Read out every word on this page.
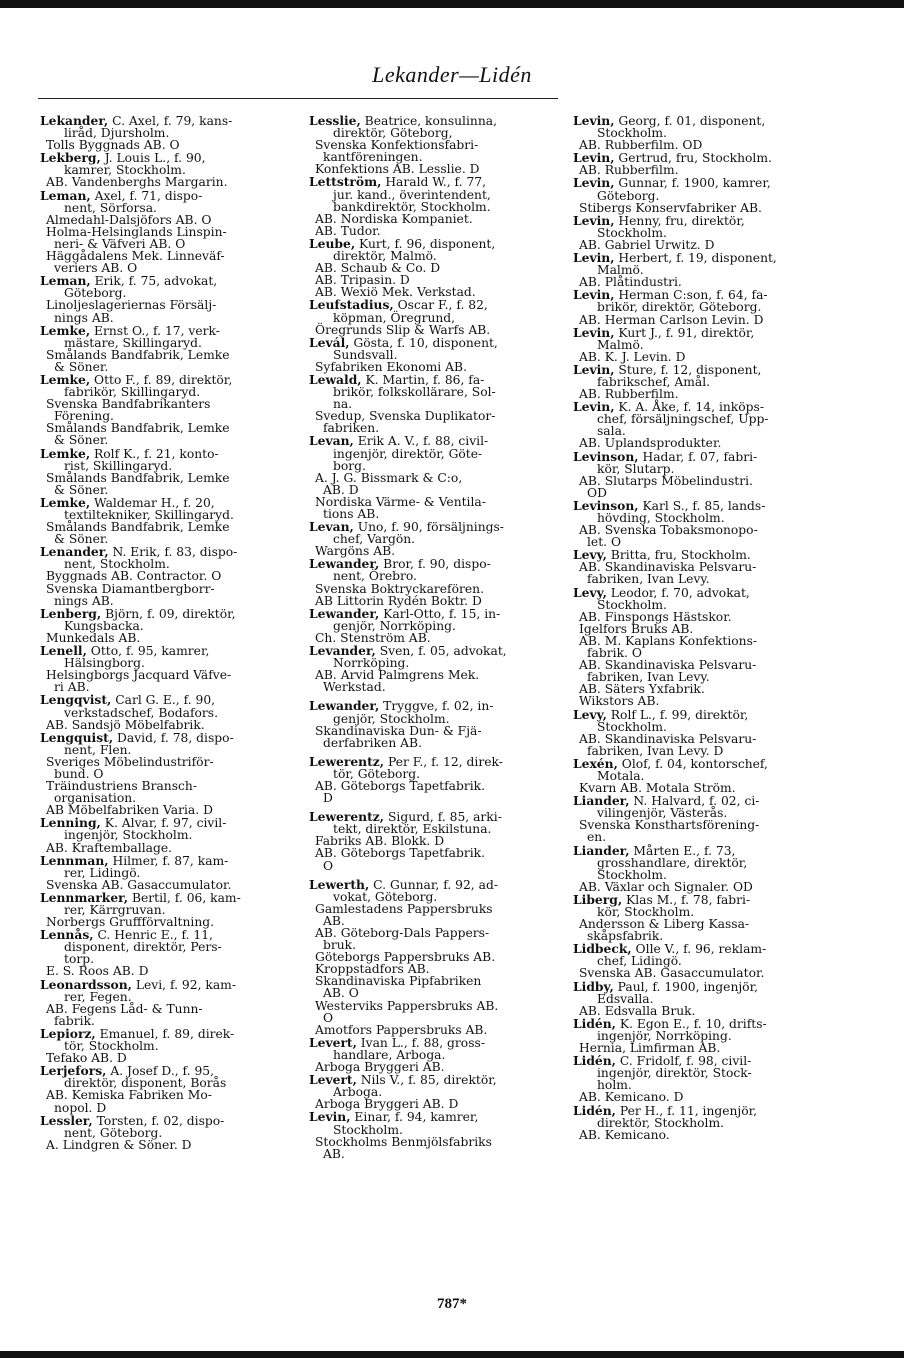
Lekander—Lidén
Lekander, C. Axel, f. 79, kans-
liråd, Djursholm.
Tolls Byggnads AB. O
Lekberg, J. Louis L., f. 90,
kamrer, Stockholm.
AB. Vandenberghs Margarin.
Leman, Axel, f. 71, dispo-
nent, Sörforsa.
Almedahl-Dalsjöfors AB. O
Holma-Helsinglands Linspin-
neri- & Väfveri AB. O
Häggådalens Mek. Linneväf-
veriers AB. O
Leman, Erik, f. 75, advokat,
Göteborg.
Linoljeslageriernas Försälj-
nings AB.
Lemke, Ernst O., f. 17, verk-
mästare, Skillingaryd.
Smålands Bandfabrik, Lemke
& Söner.
Lemke, Otto F., f. 89, direktör,
fabrikör, Skillingaryd.
Svenska Bandfabrikanters
Förening.
Smålands Bandfabrik, Lemke
& Söner.
Lemke, Rolf K., f. 21, konto-
rist, Skillingaryd.
Smålands Bandfabrik, Lemke
& Söner.
Lemke, Waldemar H., f. 20,
textiltekniker, Skillingaryd.
Smålands Bandfabrik, Lemke
& Söner.
Lenander, N. Erik, f. 83, dispo-
nent, Stockholm.
Byggnads AB. Contractor. O
Svenska Diamantbergborr-
nings AB.
Lenberg, Björn, f. 09, direktör,
Kungsbacka.
Munkedals AB.
Lenell, Otto, f. 95, kamrer,
Hälsingborg.
Helsingborgs Jacquard Väfve-
ri AB.
Lengqvist, Carl G. E., f. 90,
verkstadschef, Bodafors.
AB. Sandsjö Möbelfabrik.
Lengquist, David, f. 78, dispo-
nent, Flen.
Sveriges Möbelindustriför-
bund. O
Träindustriens Bransch-
organisation.
AB Möbelfabriken Varia. D
Lenning, K. Alvar, f. 97, civil-
ingenjör, Stockholm.
AB. Kraftemballage.
Lennman, Hilmer, f. 87, kam-
rer, Lidingö.
Svenska AB. Gasaccumulator.
Lennmarker, Bertil, f. 06, kam-
rer, Kärrgruvan.
Norbergs Gruffförvaltning.
Lennås, C. Henric E., f. 11,
disponent, direktör, Pers-
torp.
E. S. Roos AB. D
Leonardsson, Levi, f. 92, kam-
rer, Fegen.
AB. Fegens Låd- & Tunn-
fabrik.
Lepiorz, Emanuel, f. 89, direk-
tör, Stockholm.
Tefako AB. D
Lerjefors, A. Josef D., f. 95,
direktör, disponent, Borås
AB. Kemiska Fabriken Mo-
nopol. D
Lessler, Torsten, f. 02, dispo-
nent, Göteborg.
A. Lindgren & Söner. D
Lesslie, Beatrice, konsulinna,
direktör, Göteborg,
Svenska Konfektionsfabri-
kantföreningen.
Konfektions AB. Lesslie. D
Lettström, Harald W., f. 77,
jur. kand., överintendent,
bankdirektör, Stockholm.
AB. Nordiska Kompaniet.
AB. Tudor.
Leube, Kurt, f. 96, disponent,
direktör, Malmö.
AB. Schaub & Co. D
AB. Tripasin. D
AB. Wexiö Mek. Verkstad.
Leufstadius, Oscar F., f. 82,
köpman, Öregrund,
Öregrunds Slip & Warfs AB.
Levál, Gösta, f. 10, disponent,
Sundsvall.
Syfabriken Ekonomi AB.
Lewald, K. Martin, f. 86, fa-
brikör, folkskollärare, Sol-
na.
Svedup, Svenska Duplikator-
fabriken.
Levan, Erik A. V., f. 88, civil-
ingenjör, direktör, Göte-
borg.
A. J. G. Bissmark & C:o,
AB. D
Nordiska Värme- & Ventila-
tions AB.
Levan, Uno, f. 90, försäljnings-
chef, Vargön.
Wargöns AB.
Lewander, Bror, f. 90, dispo-
nent, Örebro.
Svenska Boktryckarefören.
AB Littorin Rydén Boktr. D
Lewander, Karl-Otto, f. 15, in-
genjör, Norrköping.
Ch. Stenström AB.
Levander, Sven, f. 05, advokat,
Norrköping.
AB. Arvid Palmgrens Mek.
Werkstad.
Lewander, Tryggve, f. 02, in-
genjör, Stockholm.
Skandinaviska Dun- & Fjä-
derfabriken AB.
Lewerentz, Per F., f. 12, direk-
tör, Göteborg.
AB. Göteborgs Tapetfabrik.
D
Lewerentz, Sigurd, f. 85, arki-
tekt, direktör, Eskilstuna.
Fabriks AB. Blokk. D
AB. Göteborgs Tapetfabrik.
O
Lewerth, C. Gunnar, f. 92, ad-
vokat, Göteborg.
Gamlestadens Pappersbruks
AB.
AB. Göteborg-Dals Pappers-
bruk.
Göteborgs Pappersbruks AB.
Kroppstadfors AB.
Skandinaviska Pipfabriken
AB. O
Westerviks Pappersbruks AB.
O
Amotfors Pappersbruks AB.
Levert, Ivan L., f. 88, gross-
handlare, Arboga.
Arboga Bryggeri AB.
Levert, Nils V., f. 85, direktör,
Arboga.
Arboga Bryggeri AB. D
Levin, Einar, f. 94, kamrer,
Stockholm.
Stockholms Benmjölsfabriks
AB.
Levin, Georg, f. 01, disponent,
Stockholm.
AB. Rubberfilm. OD
Levin, Gertrud, fru, Stockholm.
AB. Rubberfilm.
Levin, Gunnar, f. 1900, kamrer,
Göteborg.
Stibergs Konservfabriker AB.
Levin, Henny, fru, direktör,
Stockholm.
AB. Gabriel Urwitz. D
Levin, Herbert, f. 19, disponent,
Malmö.
AB. Plåtindustri.
Levin, Herman C:son, f. 64, fa-
brikör, direktör, Göteborg.
AB. Herman Carlson Levin. D
Levin, Kurt J., f. 91, direktör,
Malmö.
AB. K. J. Levin. D
Levin, Sture, f. 12, disponent,
fabrikschef, Amål.
AB. Rubberfilm.
Levin, K. A. Åke, f. 14, inköps-
chef, försäljningschef, Upp-
sala.
AB. Uplandsprodukter.
Levinson, Hadar, f. 07, fabri-
kör, Slutarp.
AB. Slutarps Möbelindustri.
OD
Levinson, Karl S., f. 85, lands-
hövding, Stockholm.
AB. Svenska Tobaksmonopo-
let. O
Levy, Britta, fru, Stockholm.
AB. Skandinaviska Pelsvaru-
fabriken, Ivan Levy.
Levy, Leodor, f. 70, advokat,
Stockholm.
AB. Finspongs Hästskor.
Igelfors Bruks AB.
AB. M. Kaplans Konfektions-
fabrik. O
AB. Skandinaviska Pelsvaru-
fabriken, Ivan Levy.
AB. Säters Yxfabrik.
Wikstors AB.
Levy, Rolf L., f. 99, direktör,
Stockholm.
AB. Skandinaviska Pelsvaru-
fabriken, Ivan Levy. D
Lexén, Olof, f. 04, kontorschef,
Motala.
Kvarn AB. Motala Ström.
Liander, N. Halvard, f. 02, ci-
vilingenjör, Västerås.
Svenska Konsthartsförening-
en.
Liander, Mårten E., f. 73,
grosshandlare, direktör,
Stockholm.
AB. Växlar och Signaler. OD
Liberg, Klas M., f. 78, fabri-
kör, Stockholm.
Andersson & Liberg Kassa-
skåpsfabrik.
Lidbeck, Olle V., f. 96, reklam-
chef, Lidingö.
Svenska AB. Gasaccumulator.
Lidby, Paul, f. 1900, ingenjör,
Edsvalla.
AB. Edsvalla Bruk.
Lidén, K. Egon E., f. 10, drifts-
ingenjör, Norrköping.
Hernia, Limfirman AB.
Lidén, C. Fridolf, f. 98, civil-
ingenjör, direktör, Stock-
holm.
AB. Kemicano. D
Lidén, Per H., f. 11, ingenjör,
direktör, Stockholm.
AB. Kemicano.
787*
